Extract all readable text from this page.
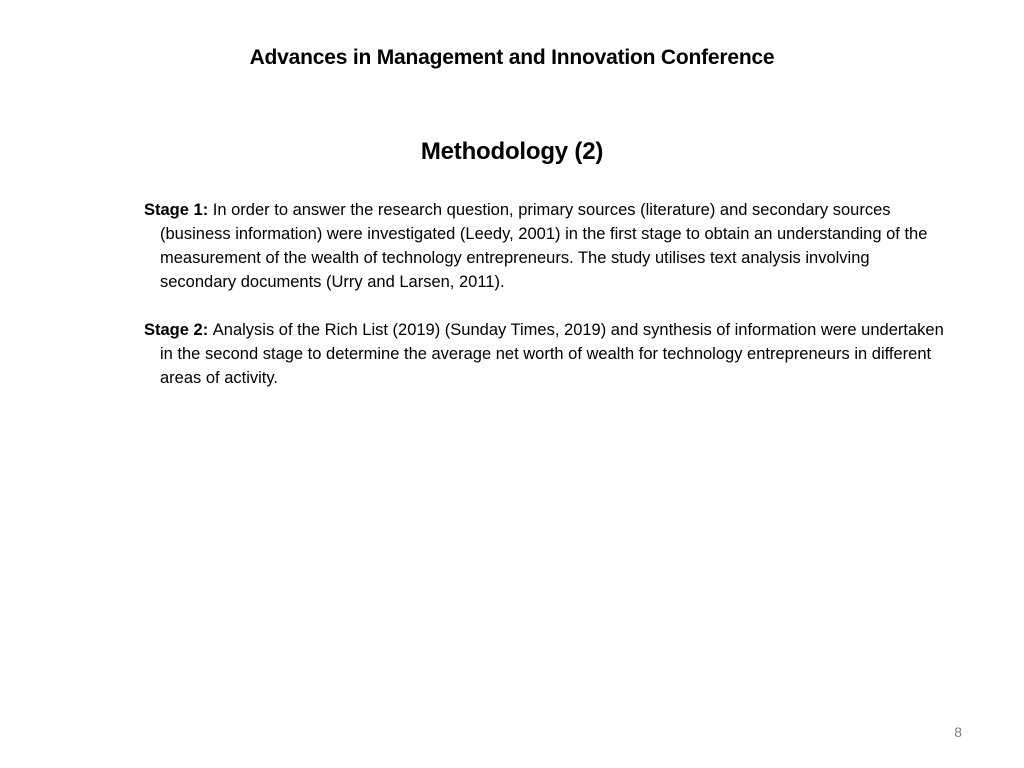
Advances in Management and Innovation Conference
Methodology (2)

Stage 1: In order to answer the research question, primary sources (literature) and secondary sources (business information) were investigated (Leedy, 2001) in the first stage to obtain an understanding of the measurement of the wealth of technology entrepreneurs. The study utilises text analysis involving secondary documents (Urry and Larsen, 2011).

Stage 2: Analysis of the Rich List (2019) (Sunday Times, 2019) and synthesis of information were undertaken in the second stage to determine the average net worth of wealth for technology entrepreneurs in different areas of activity.

8
